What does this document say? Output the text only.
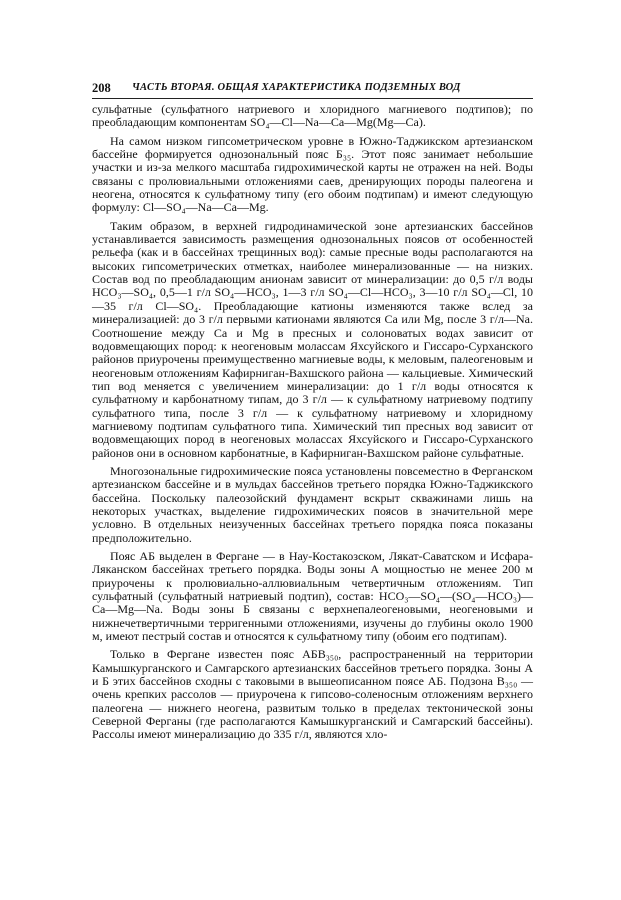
208 ЧАСТЬ ВТОРАЯ. ОБЩАЯ ХАРАКТЕРИСТИКА ПОДЗЕМНЫХ ВОД

сульфатные (сульфатного натриевого и хлоридного магниевого подтипов); по преобладающим компонентам SO₄—Cl—Na—Ca—Mg(Mg—Ca).

На самом низком гипсометрическом уровне в Южно-Таджикском артезианском бассейне формируется однозональный пояс Б₃₅. Этот пояс занимает небольшие участки и из-за мелкого масштаба гидрохимической карты не отражен на ней. Воды связаны с пролювиальными отложениями саев, дренирующих породы палеогена и неогена, относятся к сульфатному типу (его обоим подтипам) и имеют следующую формулу: Cl—SO₄—Na—Ca—Mg.

Таким образом, в верхней гидродинамической зоне артезианских бассейнов устанавливается зависимость размещения однозональных поясов от особенностей рельефа (как и в бассейнах трещинных вод): самые пресные воды располагаются на высоких гипсометрических отметках, наиболее минерализованные — на низких. Состав вод по преобладающим анионам зависит от минерализации: до 0,5 г/л воды HCO₃—SO₄, 0,5—1 г/л SO₄—HCO₃, 1—3 г/л SO₄—Cl—HCO₃, 3—10 г/л SO₄—Cl, 10—35 г/л Cl—SO₄. Преобладающие катионы изменяются также вслед за минерализацией: до 3 г/л первыми катионами являются Ca или Mg, после 3 г/л—Na. Соотношение между Ca и Mg в пресных и солоноватых водах зависит от водовмещающих пород: к неогеновым молассам Яхсуйского и Гиссаро-Сурханского районов приурочены преимущественно магниевые воды, к меловым, палеогеновым и неогеновым отложениям Кафирниган-Вахшского района — кальциевые. Химический тип вод меняется с увеличением минерализации: до 1 г/л воды относятся к сульфатному и карбонатному типам, до 3 г/л — к сульфатному натриевому подтипу сульфатного типа, после 3 г/л — к сульфатному натриевому и хлоридному магниевому подтипам сульфатного типа. Химический тип пресных вод зависит от водовмещающих пород в неогеновых молассах Яхсуйского и Гиссаро-Сурханского районов они в основном карбонатные, в Кафирниган-Вахшском районе сульфатные.

Многозональные гидрохимические пояса установлены повсеместно в Ферганском артезианском бассейне и в мульдах бассейнов третьего порядка Южно-Таджикского бассейна. Поскольку палеозойский фундамент вскрыт скважинами лишь на некоторых участках, выделение гидрохимических поясов в значительной мере условно. В отдельных неизученных бассейнах третьего порядка пояса показаны предположительно.

Пояс АБ выделен в Фергане — в Нау-Костакозском, Лякат-Саватском и Исфара-Ляканском бассейнах третьего порядка. Воды зоны А мощностью не менее 200 м приурочены к пролювиально-аллювиальным четвертичным отложениям. Тип сульфатный (сульфатный натриевый подтип), состав: HCO₃—SO₄—(SO₄—HCO₃)—Ca—Mg—Na. Воды зоны Б связаны с верхнепалеогеновыми, неогеновыми и нижнечетвертичными терригенными отложениями, изучены до глубины около 1900 м, имеют пестрый состав и относятся к сульфатному типу (обоим его подтипам).

Только в Фергане известен пояс АБВ₃₅₀, распространенный на территории Камышкурганского и Самгарского артезианских бассейнов третьего порядка. Зоны А и Б этих бассейнов сходны с таковыми в вышеописанном поясе АБ. Подзона В₃₅₀ — очень крепких рассолов — приурочена к гипсово-соленосным отложениям верхнего палеогена — нижнего неогена, развитым только в пределах тектонической зоны Северной Ферганы (где располагаются Камышкурганский и Самгарский бассейны). Рассолы имеют минерализацию до 335 г/л, являются хло-
